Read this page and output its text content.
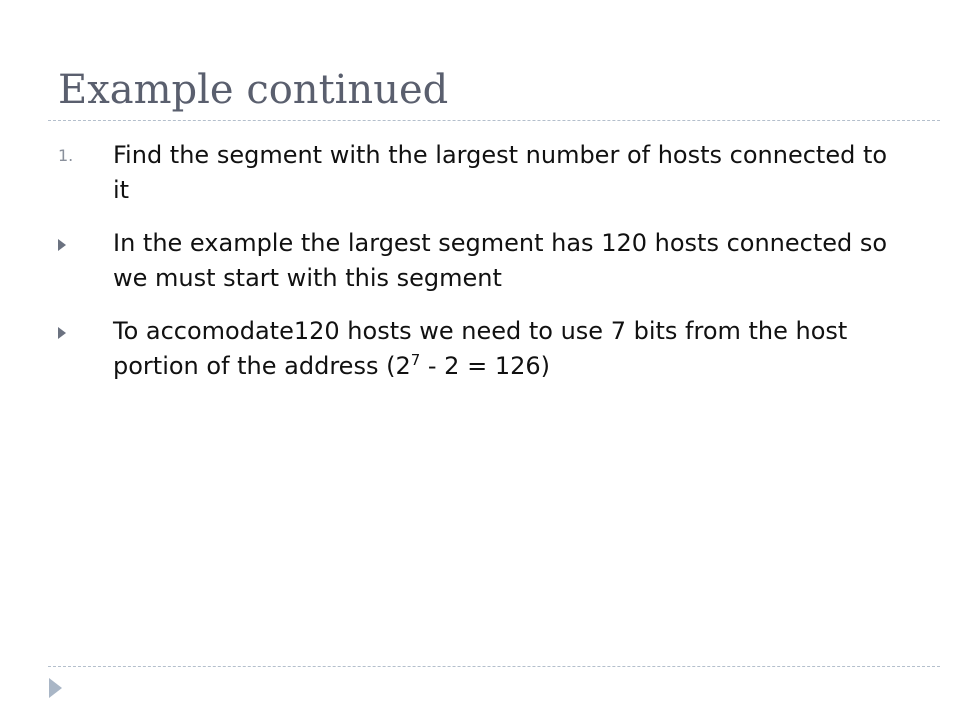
Example continued
1.	Find the segment with the largest number of hosts connected to it
In the example the largest segment has 120 hosts connected so we must start with this segment
To accomodate120 hosts we need to use 7 bits from the host portion of the address $(2^7 - 2 = 126)$
